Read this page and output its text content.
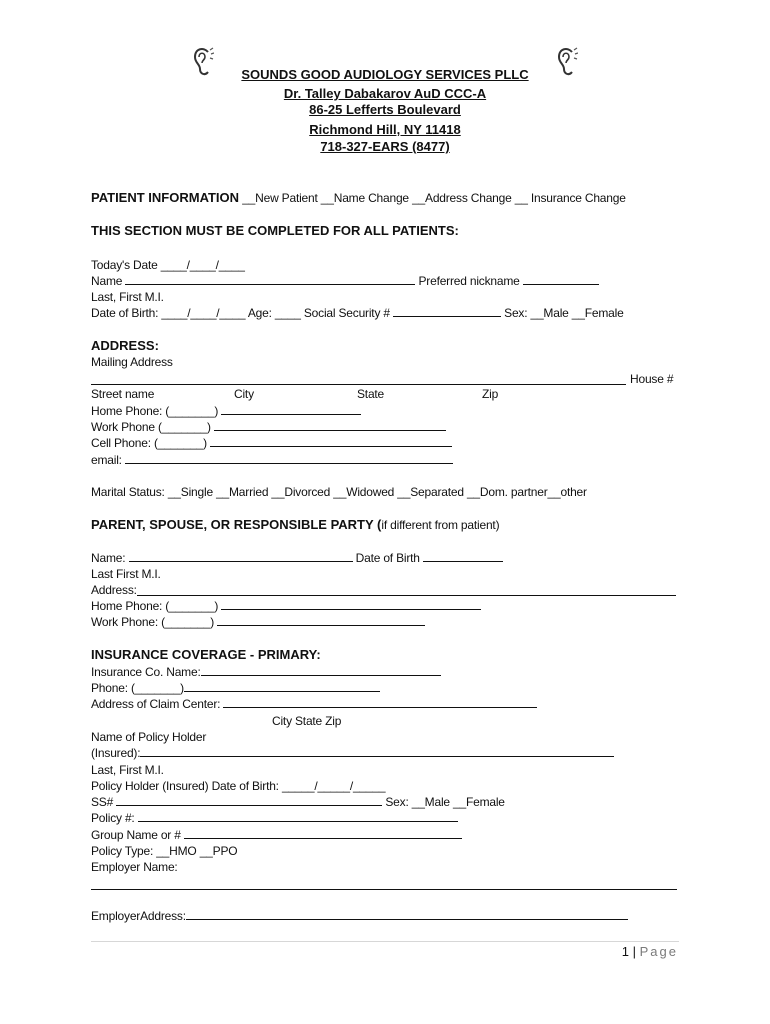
SOUNDS GOOD AUDIOLOGY SERVICES PLLC
Dr. Talley Dabakarov AuD CCC-A
86-25 Lefferts Boulevard
Richmond Hill, NY 11418
718-327-EARS (8477)
PATIENT INFORMATION __New Patient __Name Change __Address Change __ Insurance Change
THIS SECTION MUST BE COMPLETED FOR ALL PATIENTS:
Today's Date ____/____/____
Name	Preferred nickname
Last, First M.I.
Date of Birth: ____/____/____ Age: ____ Social Security #	Sex: __Male __Female
ADDRESS:
Mailing Address
House #
Street name	City	State	Zip
Home Phone: (_______)
Work Phone (_______)
Cell Phone: (_______)
email:
Marital Status: __Single __Married __Divorced __Widowed __Separated __Dom. partner__other
PARENT, SPOUSE, OR RESPONSIBLE PARTY (if different from patient)
Name:	Date of Birth
Last First M.I.
Address:
Home Phone: (_______)
Work Phone: (_______)
INSURANCE COVERAGE - PRIMARY:
Insurance Co. Name:
Phone: (_______)
Address of Claim Center:
City State Zip
Name of Policy Holder
(Insured):
Last, First M.I.
Policy Holder (Insured) Date of Birth: _____/_____/_____
SS#	Sex: __Male __Female
Policy #:
Group Name or #
Policy Type: __HMO __PPO
Employer Name:
EmployerAddress:
1 | Page
